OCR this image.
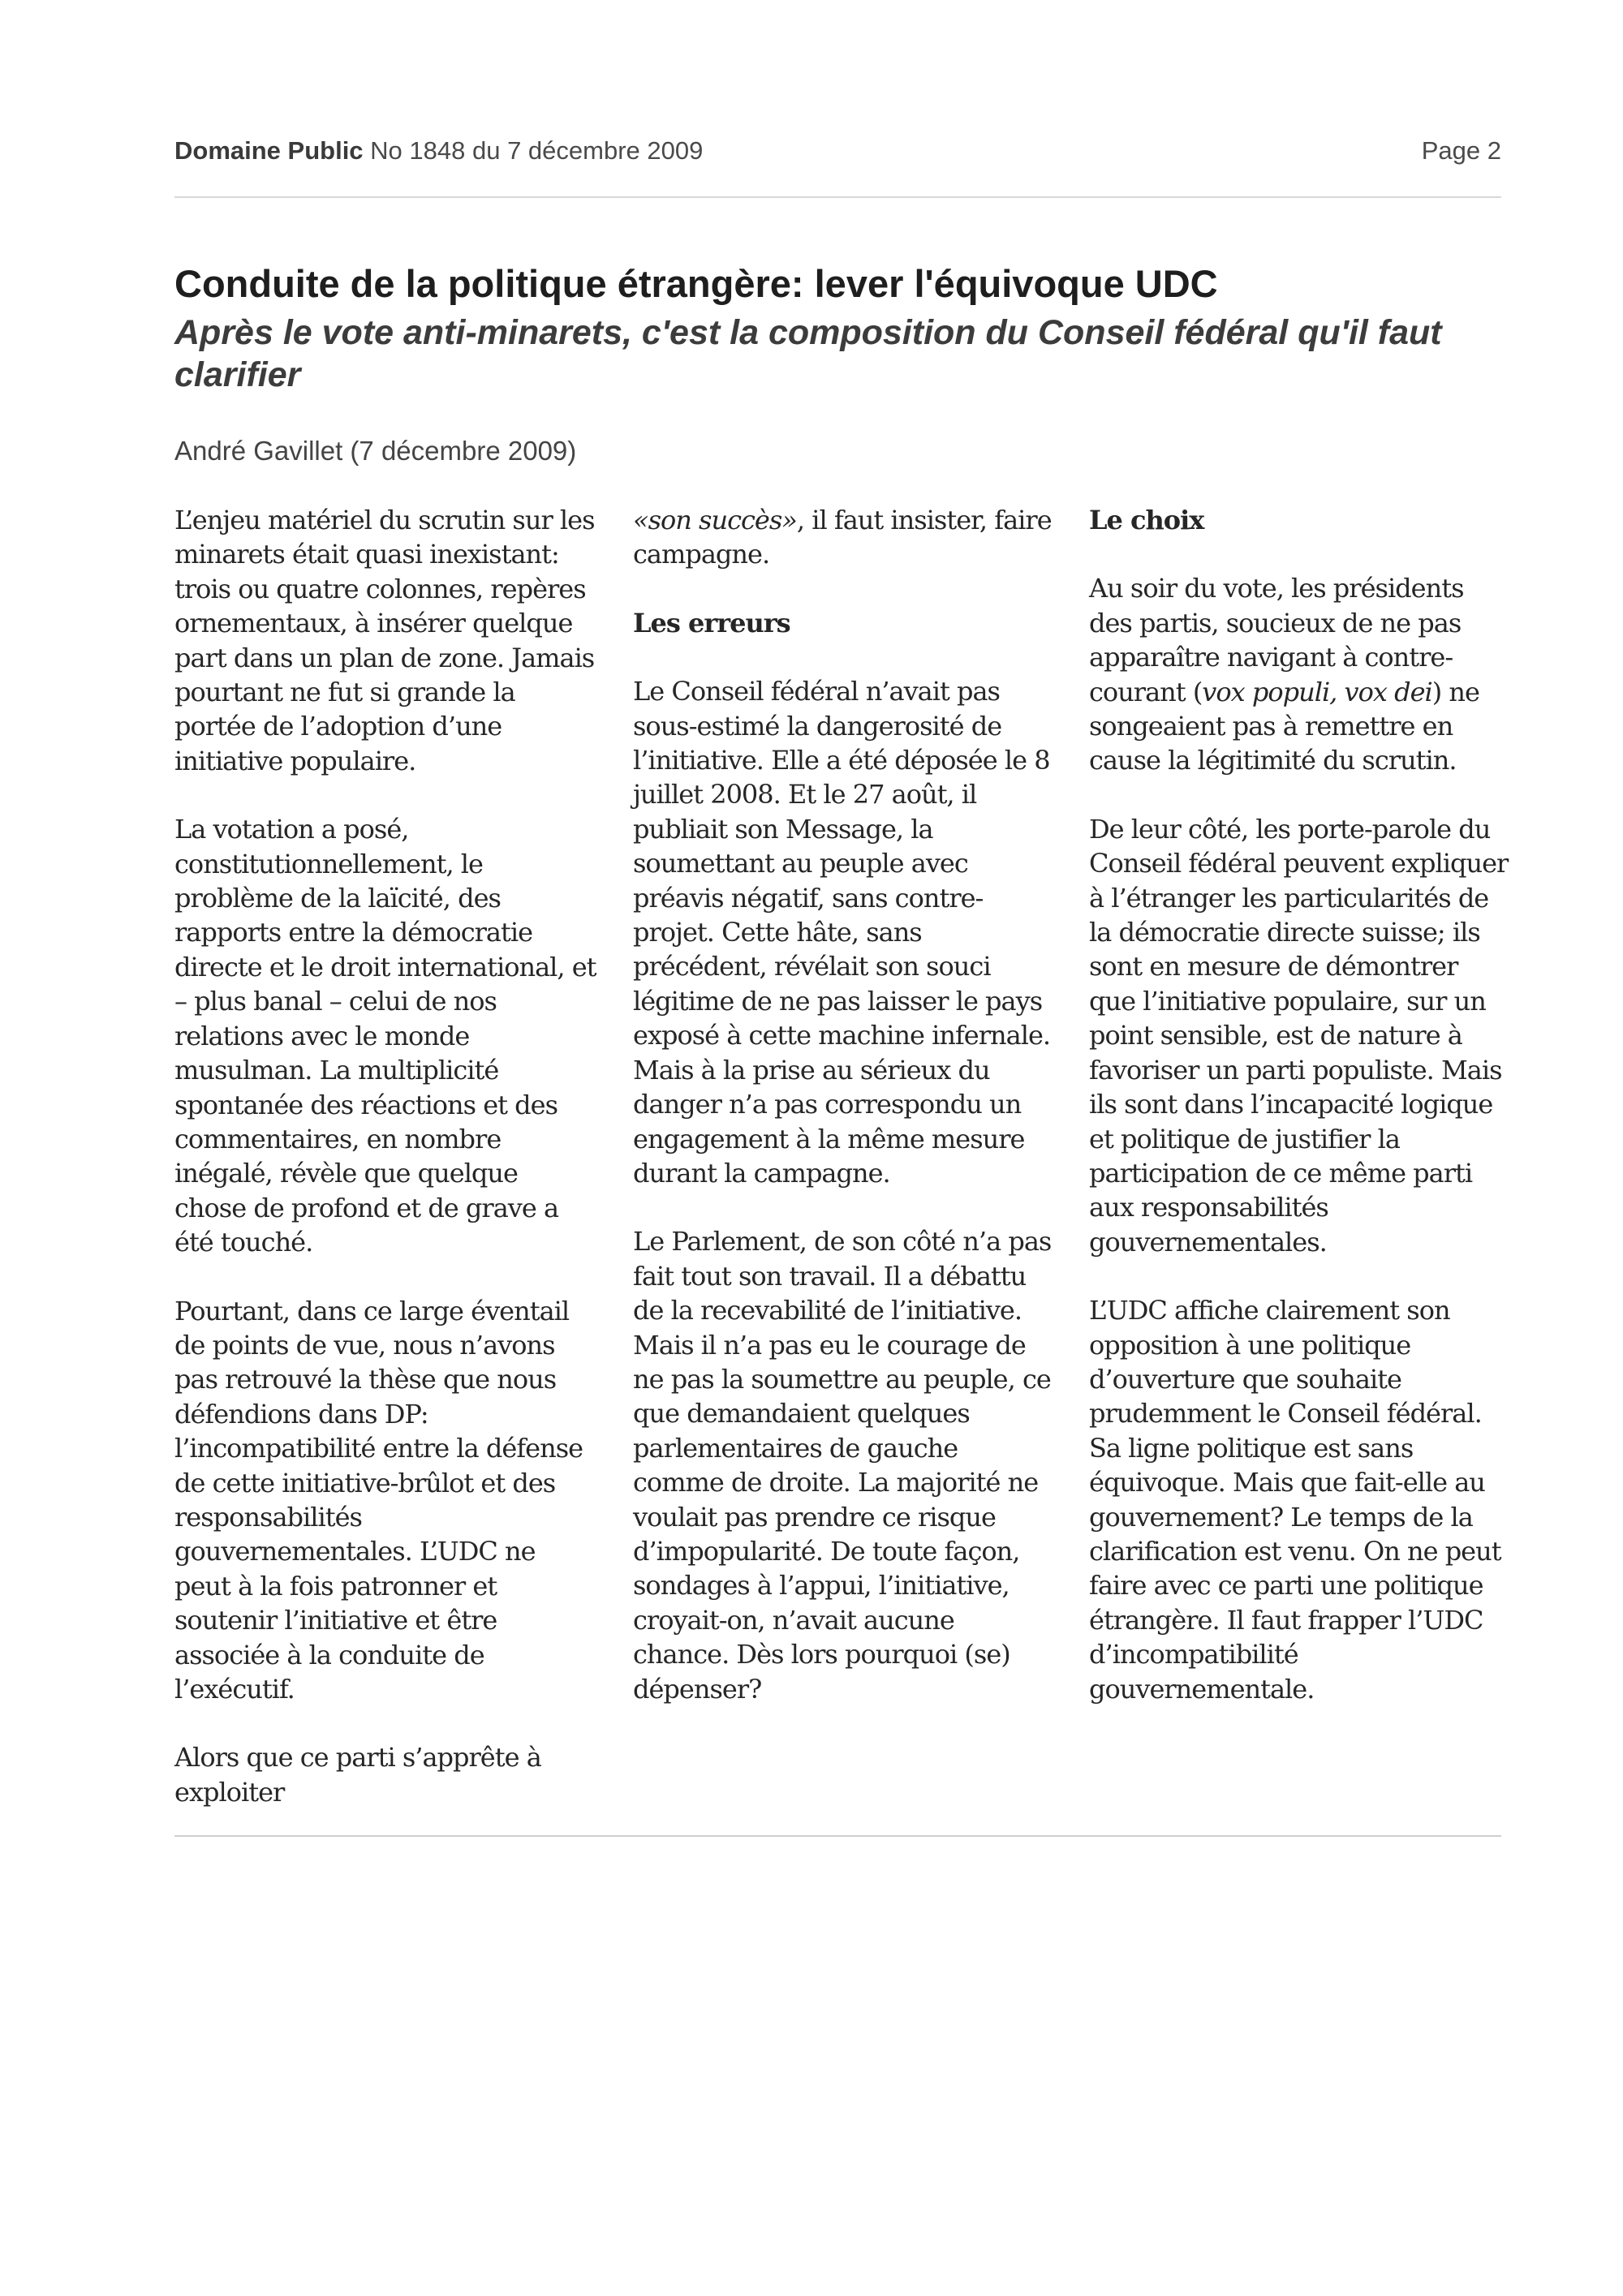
Domaine Public No 1848 du 7 décembre 2009	Page 2
Conduite de la politique étrangère: lever l'équivoque UDC
Après le vote anti-minarets, c'est la composition du Conseil fédéral qu'il faut clarifier
André Gavillet (7 décembre 2009)

L’enjeu matériel du scrutin sur les minarets était quasi inexistant: trois ou quatre colonnes, repères ornementaux, à insérer quelque part dans un plan de zone. Jamais pourtant ne fut si grande la portée de l’adoption d’une initiative populaire.

La votation a posé, constitutionnellement, le problème de la laïcité, des rapports entre la démocratie directe et le droit international, et – plus banal – celui de nos relations avec le monde musulman. La multiplicité spontanée des réactions et des commentaires, en nombre inégalé, révèle que quelque chose de profond et de grave a été touché.

Pourtant, dans ce large éventail de points de vue, nous n’avons pas retrouvé la thèse que nous défendions dans DP: l’incompatibilité entre la défense de cette initiative-brûlot et des responsabilités gouvernementales. L’UDC ne peut à la fois patronner et soutenir l’initiative et être associée à la conduite de l’exécutif.

Alors que ce parti s’apprête à exploiter

«son succès», il faut insister, faire campagne.

Les erreurs

Le Conseil fédéral n’avait pas sous-estimé la dangerosité de l’initiative. Elle a été déposée le 8 juillet 2008. Et le 27 août, il publiait son Message, la soumettant au peuple avec préavis négatif, sans contre-projet. Cette hâte, sans précédent, révélait son souci légitime de ne pas laisser le pays exposé à cette machine infernale. Mais à la prise au sérieux du danger n’a pas correspondu un engagement à la même mesure durant la campagne.

Le Parlement, de son côté n’a pas fait tout son travail. Il a débattu de la recevabilité de l’initiative. Mais il n’a pas eu le courage de ne pas la soumettre au peuple, ce que demandaient quelques parlementaires de gauche comme de droite. La majorité ne voulait pas prendre ce risque d’impopularité. De toute façon, sondages à l’appui, l’initiative, croyait-on, n’avait aucune chance. Dès lors pourquoi (se) dépenser?

Le choix

Au soir du vote, les présidents des partis, soucieux de ne pas apparaître navigant à contre-courant (vox populi, vox dei) ne songeaient pas à remettre en cause la légitimité du scrutin.

De leur côté, les porte-parole du Conseil fédéral peuvent expliquer à l’étranger les particularités de la démocratie directe suisse; ils sont en mesure de démontrer que l’initiative populaire, sur un point sensible, est de nature à favoriser un parti populiste. Mais ils sont dans l’incapacité logique et politique de justifier la participation de ce même parti aux responsabilités gouvernementales.

L’UDC affiche clairement son opposition à une politique d’ouverture que souhaite prudemment le Conseil fédéral. Sa ligne politique est sans équivoque. Mais que fait-elle au gouvernement? Le temps de la clarification est venu. On ne peut faire avec ce parti une politique étrangère. Il faut frapper l’UDC d’incompatibilité gouvernementale.
